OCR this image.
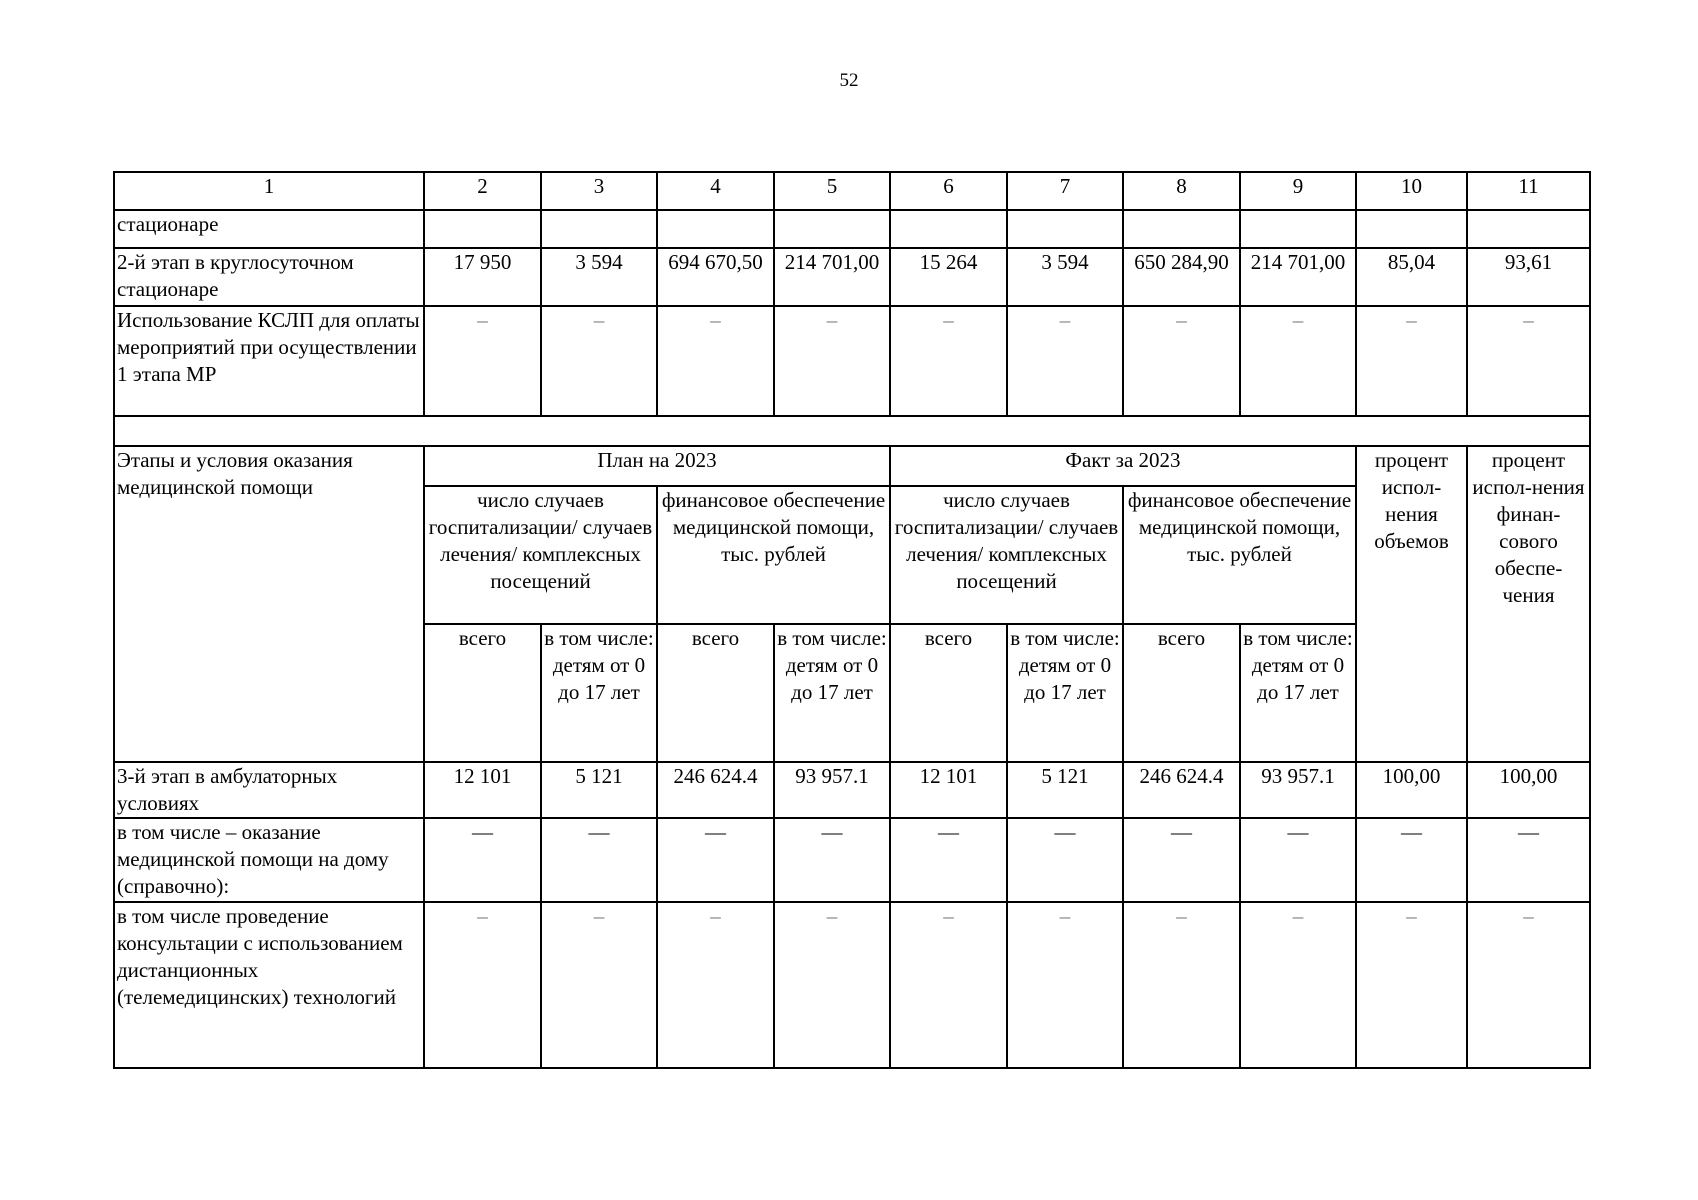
52
1	2	3	4	5	6	7	8	9	10	11
стационаре										
2-й этап в круглосуточном стационаре	17 950	3 594	694 670,50	214 701,00	15 264	3 594	650 284,90	214 701,00	85,04	93,61
Использование КСЛП для оплаты мероприятий при осуществлении 1 этапа МР	–	–	–	–	–	–	–	–	–	–

Этапы и условия оказания медицинской помощи	План на 2023				Факт за 2023				процент испол-нения объемов	процент испол-нения финан-сового обеспе-чения
	число случаев госпитализации/ случаев лечения/ комплексных посещений		финансовое обеспечение медицинской помощи, тыс. рублей		число случаев госпитализации/ случаев лечения/ комплексных посещений		финансовое обеспечение медицинской помощи, тыс. рублей			
	всего	в том числе: детям от 0 до 17 лет	всего	в том числе: детям от 0 до 17 лет	всего	в том числе: детям от 0 до 17 лет	всего	в том числе: детям от 0 до 17 лет		
3-й этап в амбулаторных условиях	12 101	5 121	246 624.4	93 957.1	12 101	5 121	246 624.4	93 957.1	100,00	100,00
в том числе – оказание медицинской помощи на дому (справочно):	—	—	—	—	—	—	—	—	—	—
в том числе проведение консультации с использованием дистанционных (телемедицинских) технологий	–	–	–	–	–	–	–	–	–	–
